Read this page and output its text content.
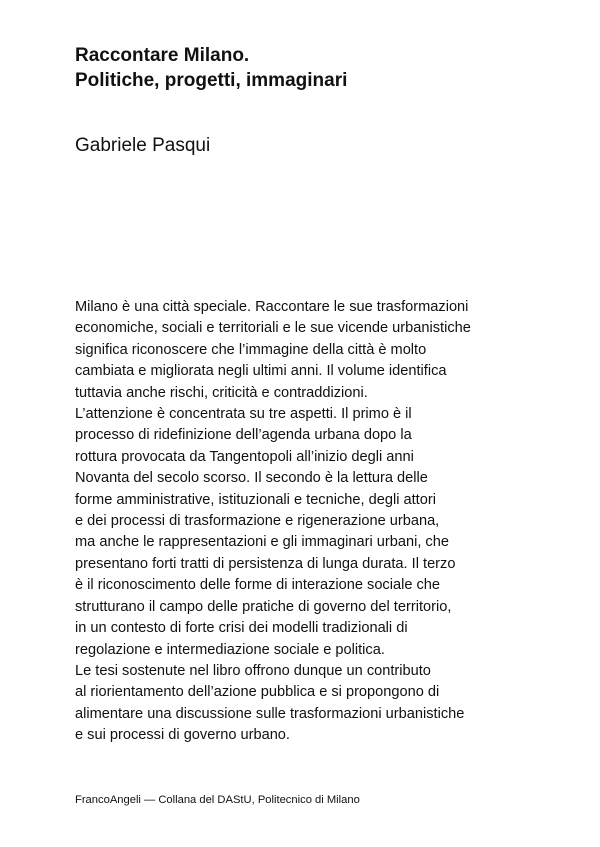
Raccontare Milano.
Politiche, progetti, immaginari
Gabriele Pasqui
Milano è una città speciale. Raccontare le sue trasformazioni
economiche, sociali e territoriali e le sue vicende urbanistiche
significa riconoscere che l’immagine della città è molto
cambiata e migliorata negli ultimi anni. Il volume identifica
tuttavia anche rischi, criticità e contraddizioni.
L’attenzione è concentrata su tre aspetti. Il primo è il
processo di ridefinizione dell’agenda urbana dopo la
rottura provocata da Tangentopoli all’inizio degli anni
Novanta del secolo scorso. Il secondo è la lettura delle
forme amministrative, istituzionali e tecniche, degli attori
e dei processi di trasformazione e rigenerazione urbana,
ma anche le rappresentazioni e gli immaginari urbani, che
presentano forti tratti di persistenza di lunga durata. Il terzo
è il riconoscimento delle forme di interazione sociale che
strutturano il campo delle pratiche di governo del territorio,
in un contesto di forte crisi dei modelli tradizionali di
regolazione e intermediazione sociale e politica.
Le tesi sostenute nel libro offrono dunque un contributo
al riorientamento dell’azione pubblica e si propongono di
alimentare una discussione sulle trasformazioni urbanistiche
e sui processi di governo urbano.
FrancoAngeli — Collana del DAStU, Politecnico di Milano
